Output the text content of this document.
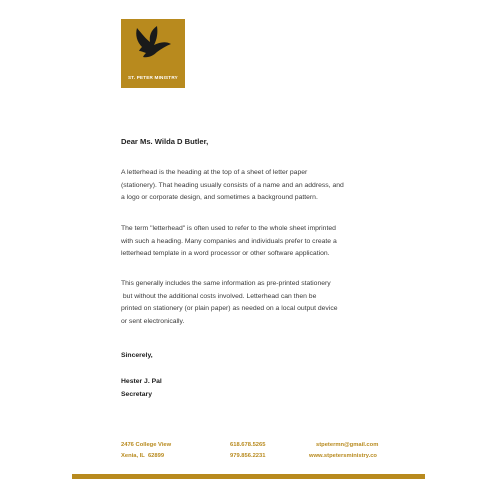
ST. PETER MINISTRY
Dear Ms. Wilda D Butler,
A letterhead is the heading at the top of a sheet of letter paper
(stationery). That heading usually consists of a name and an address, and
a logo or corporate design, and sometimes a background pattern.
The term "letterhead" is often used to refer to the whole sheet imprinted
with such a heading. Many companies and individuals prefer to create a
letterhead template in a word processor or other software application.
This generally includes the same information as pre-printed stationery
but without the additional costs involved. Letterhead can then be
printed on stationery (or plain paper) as needed on a local output device
or sent electronically.
Sincerely,
Hester J. Pal
Secretary
2476 College View
Xenia, IL  62899
618.678.5265
979.856.2231
stpetermn@gmail.com
www.stpetersministry.co
